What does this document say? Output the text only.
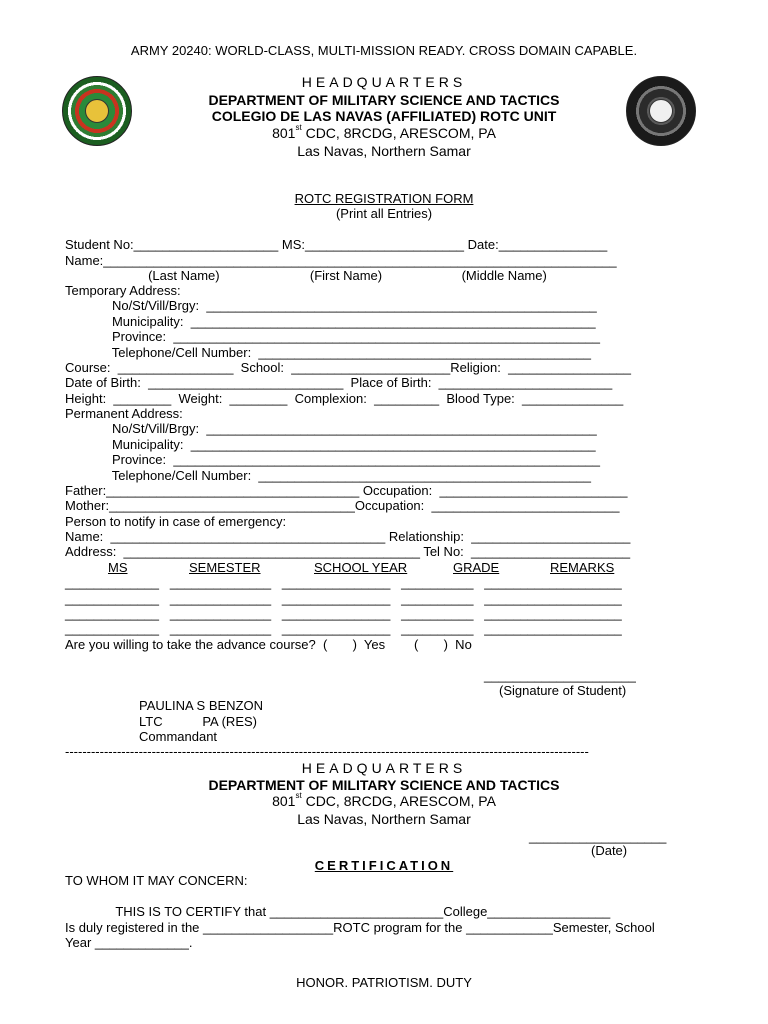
ARMY 20240: WORLD-CLASS, MULTI-MISSION READY. CROSS DOMAIN CAPABLE.
HEADQUARTERS
DEPARTMENT OF MILITARY SCIENCE AND TACTICS
COLEGIO DE LAS NAVAS (AFFILIATED) ROTC UNIT
801st CDC, 8RCDG, ARESCOM, PA
Las Navas, Northern Samar
ROTC REGISTRATION FORM
(Print all Entries)
Student No:____________________ MS:______________________ Date:_______________
Name:_______________________________________________________________________
(Last Name)                         (First Name)                      (Middle Name)
Temporary Address:
No/St/Vill/Brgy:  ______________________________________________________
Municipality:  ________________________________________________________
Province:  ___________________________________________________________
Telephone/Cell Number:  ______________________________________________
Course:  ________________  School:  ______________________Religion:  _________________
Date of Birth:  ___________________________  Place of Birth:  ________________________
Height:  ________  Weight:  ________  Complexion:  _________  Blood Type:  ______________
Permanent Address:
No/St/Vill/Brgy:  ______________________________________________________
Municipality:  ________________________________________________________
Province:  ___________________________________________________________
Telephone/Cell Number:  ______________________________________________
Father:___________________________________ Occupation:  __________________________
Mother:__________________________________Occupation:  __________________________
Person to notify in case of emergency:
Name:  ______________________________________ Relationship:  ______________________
Address:  _________________________________________ Tel No:  ______________________
MS	SEMESTER	SCHOOL YEAR	GRADE	REMARKS
_____________   ______________   _______________   __________   ___________________
_____________   ______________   _______________   __________   ___________________
_____________   ______________   _______________   __________   ___________________
_____________   ______________   _______________   __________   ___________________
Are you willing to take the advance course?  (       )  Yes        (       )  No
_____________________
(Signature of Student)
PAULINA S BENZON
LTC           PA (RES)
Commandant
-------------------------------------------------------------------------------------------------------------------------
HEADQUARTERS
DEPARTMENT OF MILITARY SCIENCE AND TACTICS
801st CDC, 8RCDG, ARESCOM, PA
Las Navas, Northern Samar
___________________
(Date)
CERTIFICATION
TO WHOM IT MAY CONCERN:
THIS IS TO CERTIFY that ________________________College_________________
Is duly registered in the __________________ROTC program for the ____________Semester, School
Year _____________.
HONOR. PATRIOTISM. DUTY
